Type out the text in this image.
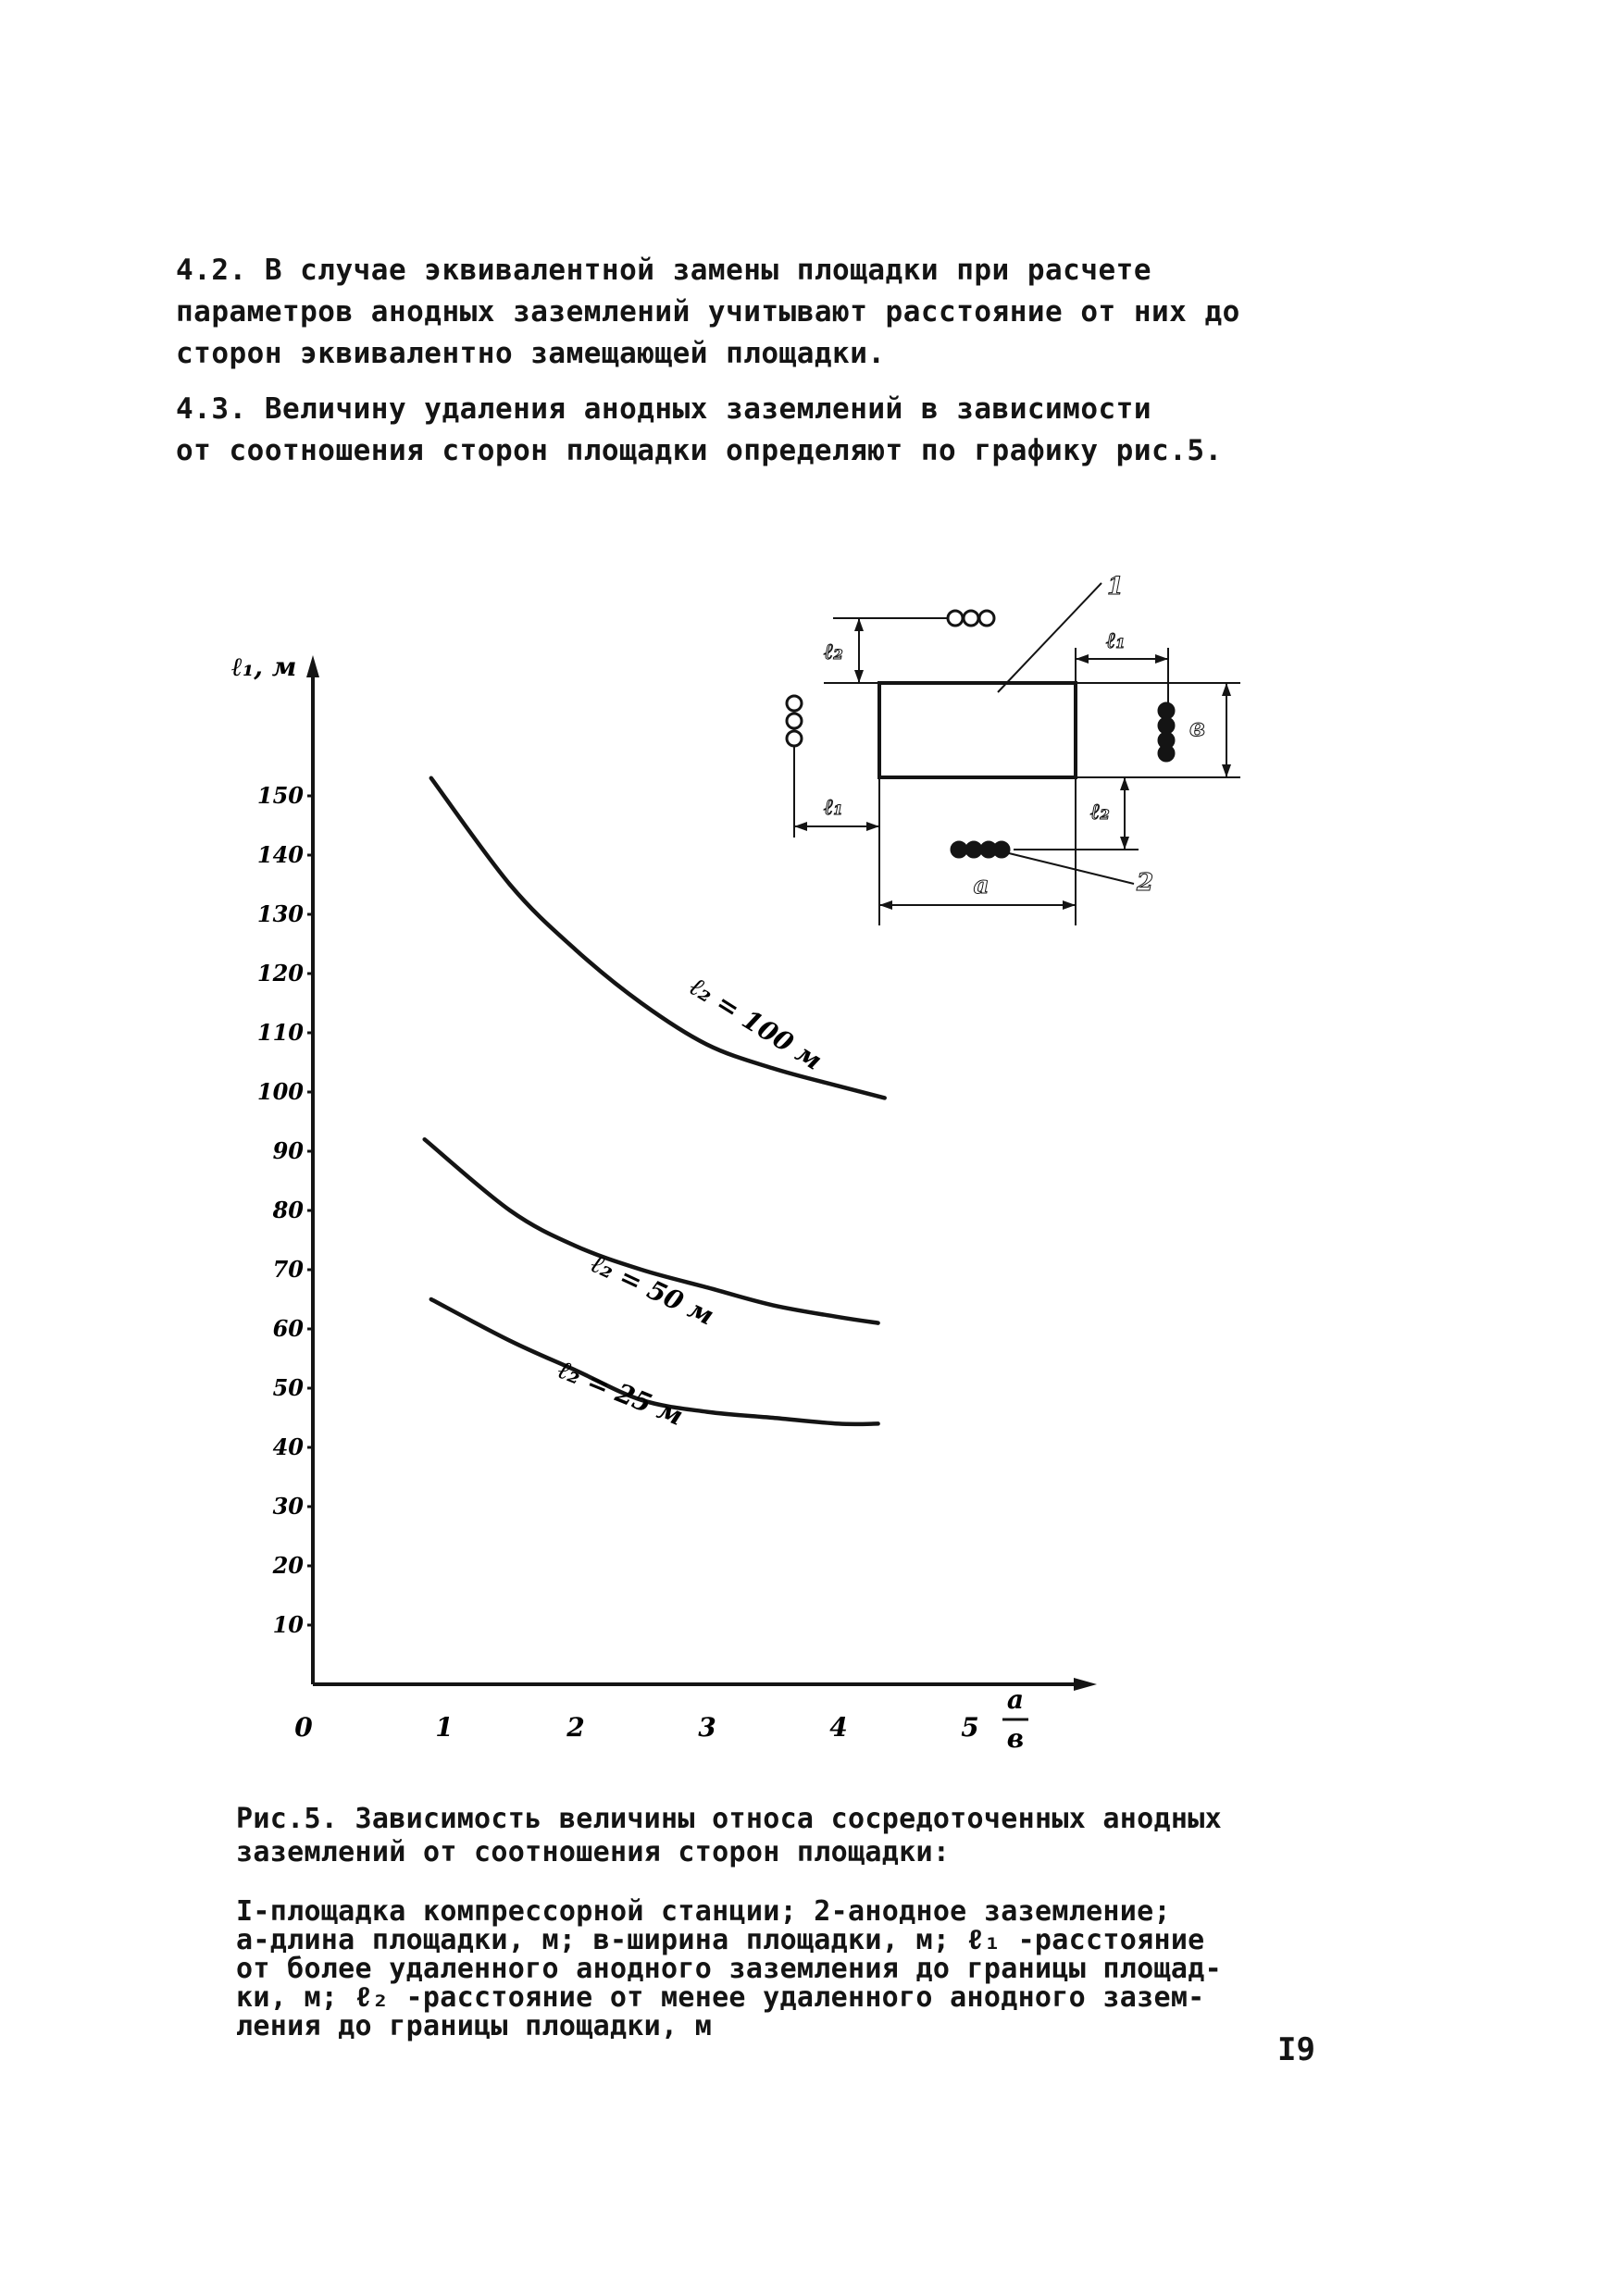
4.2. В случае эквивалентной замены площадки при расчете
параметров анодных заземлений учитывают расстояние от них до
сторон эквивалентно замещающей площадки.
4.3. Величину удаления анодных заземлений в зависимости
от соотношения сторон площадки определяют по графику рис.5.
10
20
30
40
50
60
70
80
90
100
110
120
130
140
150
0	1	2	3	4	5
ℓ₂ = 100 м
ℓ₂ = 50 м
ℓ₂ = 25 м
ℓ₁, м
а
в
ℓ₂	ℓ₁
в
ℓ₁	ℓ₂
а
1
2
Рис.5. Зависимость величины относа сосредоточенных анодных
заземлений от соотношения сторон площадки:
I-площадка компрессорной станции; 2-анодное заземление;
а-длина площадки, м; в-ширина площадки, м; ℓ₁ -расстояние
от более удаленного анодного заземления до границы площад-
ки, м; ℓ₂ -расстояние от менее удаленного анодного зазем-
ления до границы площадки, м
I9
